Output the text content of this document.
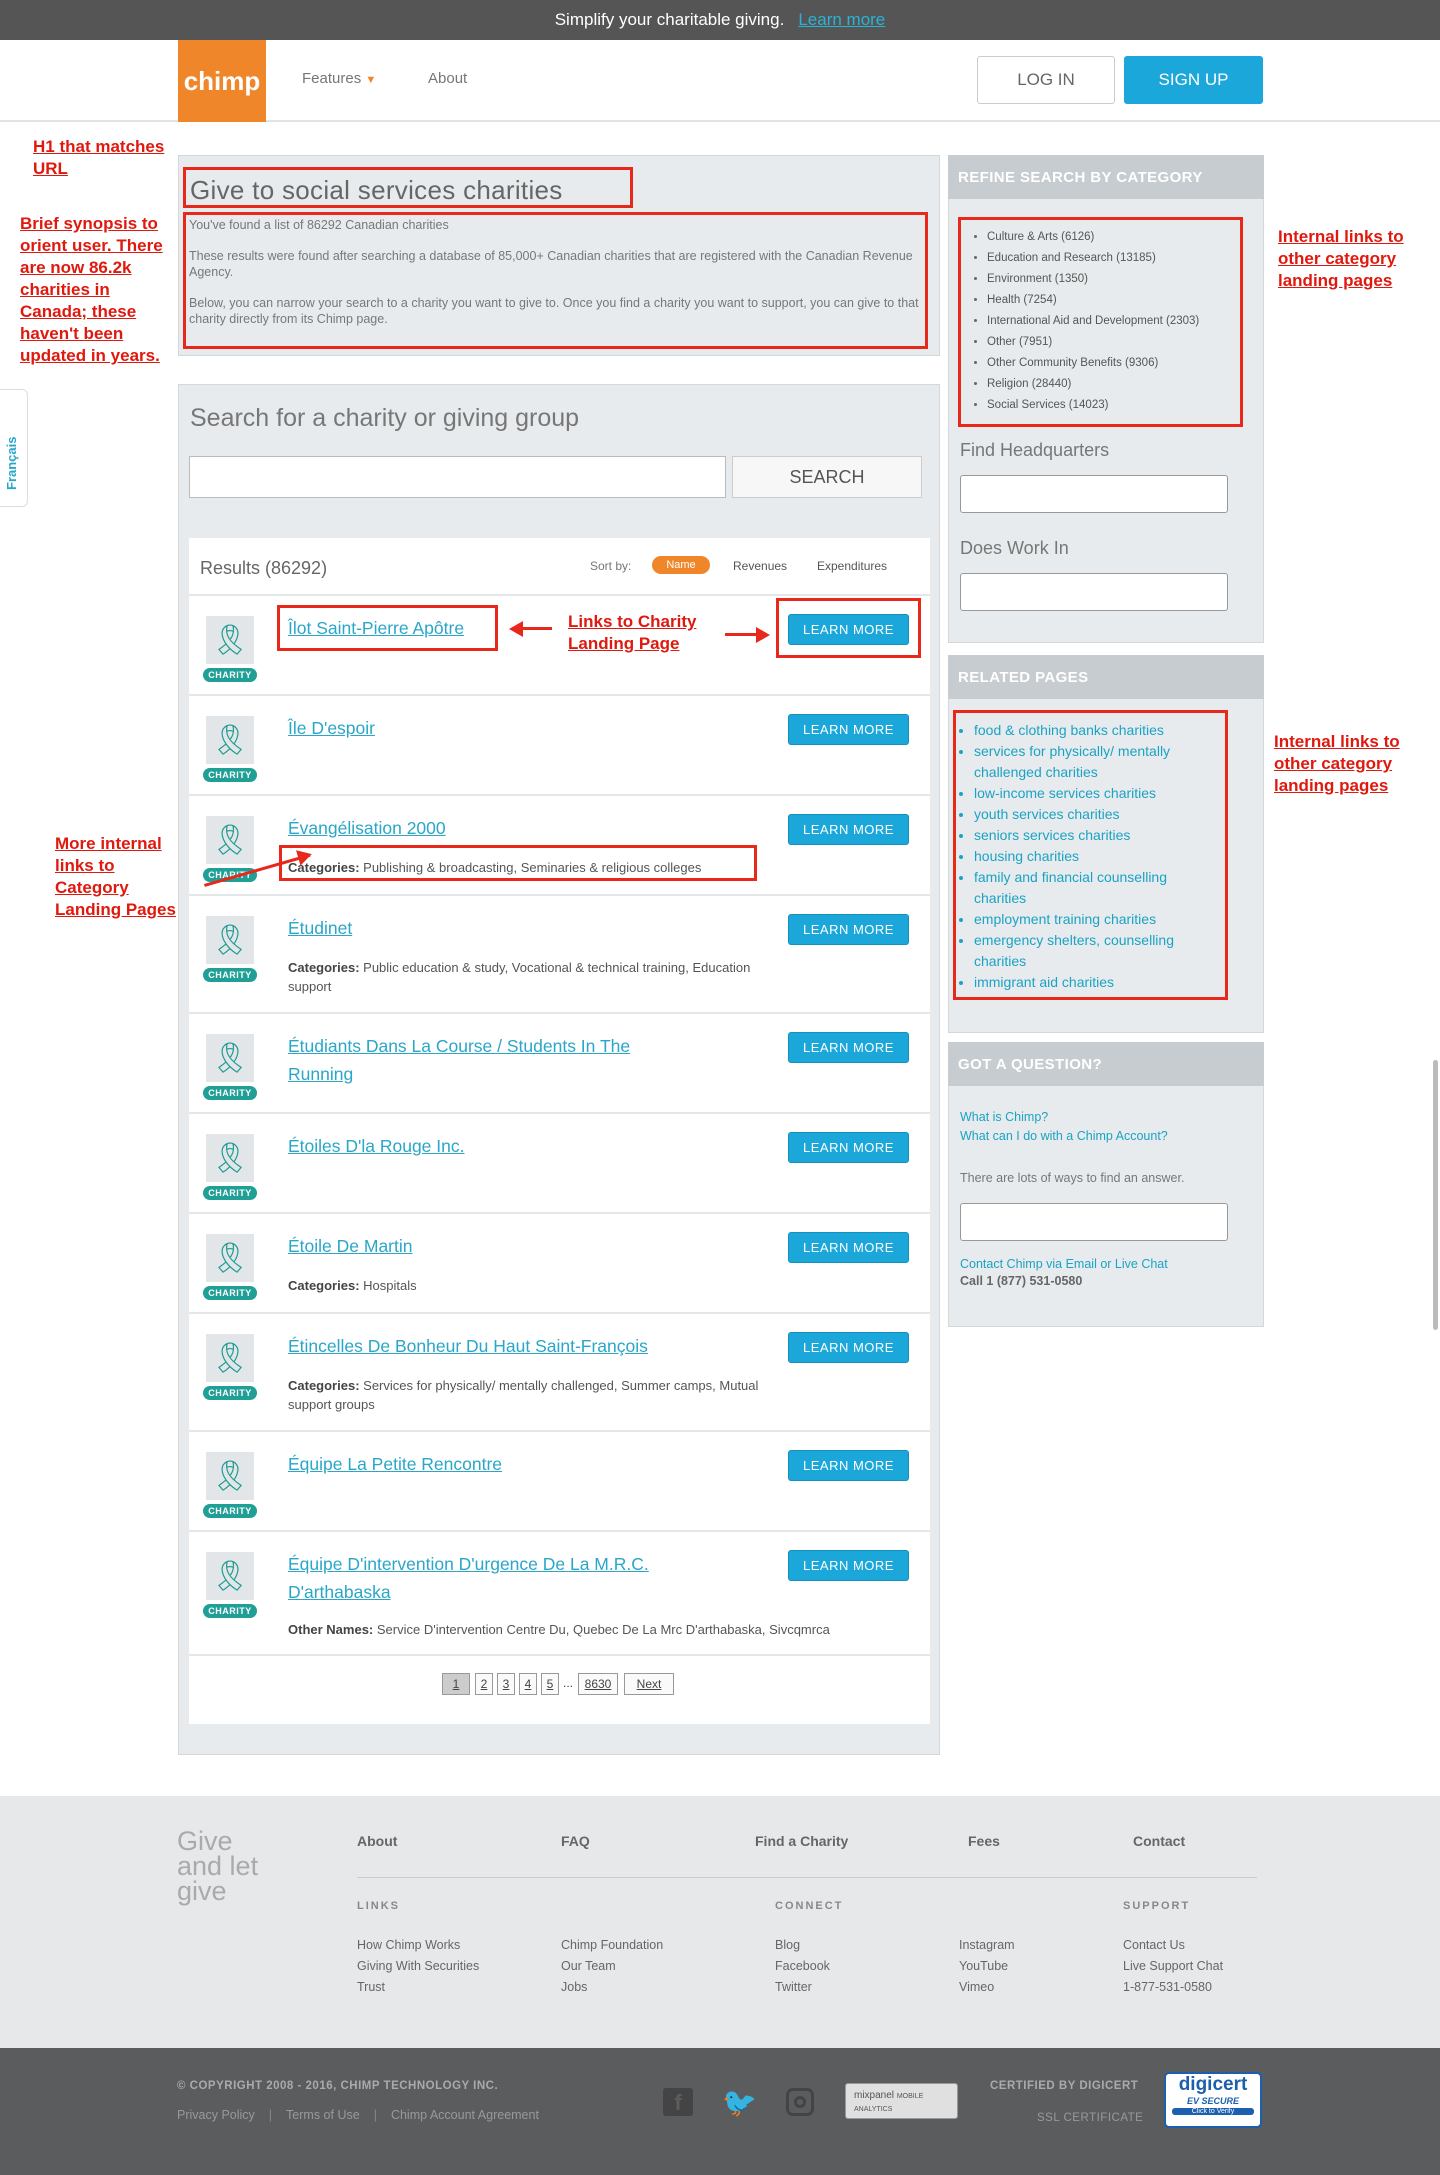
Simplify your charitable giving. Learn more
chimp	Features ▼	About	LOG IN	SIGN UP
Français
H1 that matches URL
Brief synopsis to orient user. There are now 86.2k charities in Canada; these haven't been updated in years.
More internal links to Category Landing Pages
Give to social services charities
You've found a list of 86292 Canadian charities
These results were found after searching a database of 85,000+ Canadian charities that are registered with the Canadian Revenue Agency.
Below, you can narrow your search to a charity you want to give to. Once you find a charity you want to support, you can give to that charity directly from its Chimp page.
Search for a charity or giving group
SEARCH
Results (86292)	Sort by:	Name	Revenues Expenditures
🎗
CHARITY
Îlot Saint-Pierre Apôtre	Links to Charity Landing Page
LEARN MORE
🎗
CHARITY
Île D'espoir	LEARN MORE
🎗
CHARITY
Évangélisation 2000	LEARN MORE
Categories: Publishing & broadcasting, Seminaries & religious colleges
🎗
CHARITY
Étudinet	LEARN MORE
Categories: Public education & study, Vocational & technical training, Education support
🎗
CHARITY
Étudiants Dans La Course / Students In The
Running
LEARN MORE
🎗
CHARITY
Étoiles D'la Rouge Inc.	LEARN MORE
🎗
CHARITY
Étoile De Martin	LEARN MORE
Categories: Hospitals
🎗
CHARITY
Étincelles De Bonheur Du Haut Saint-François	LEARN MORE
Categories: Services for physically/ mentally challenged, Summer camps, Mutual support groups
🎗
CHARITY
Équipe La Petite Rencontre	LEARN MORE
🎗
CHARITY
Équipe D'intervention D'urgence De La M.R.C.
D'arthabaska
LEARN MORE
Other Names: Service D'intervention Centre Du, Quebec De La Mrc D'arthabaska, Sivcqmrca
1	2	3	4	5 ... 8630	Next
REFINE SEARCH BY CATEGORY
• Culture & Arts (6126)
• Education and Research (13185)
• Environment (1350)
• Health (7254)
• International Aid and Development (2303)
• Other (7951)
• Other Community Benefits (9306)
• Religion (28440)
• Social Services (14023)
Find Headquarters
Does Work In
Internal links to other category landing pages
RELATED PAGES
• food & clothing banks charities
• services for physically/ mentally challenged charities
• low-income services charities
• youth services charities
• seniors services charities
• housing charities
• family and financial counselling charities
• employment training charities
• emergency shelters, counselling charities
• immigrant aid charities
Internal links to other category landing pages
GOT A QUESTION?
What is Chimp?
What can I do with a Chimp Account?
There are lots of ways to find an answer.
Contact Chimp via Email or Live Chat
Call 1 (877) 531-0580
Give
and let
give
About	FAQ	Find a Charity	Fees	Contact
LINKS	CONNECT	SUPPORT
How Chimp Works
Giving With Securities
Trust
Chimp Foundation
Our Team
Jobs
Blog
Facebook
Twitter
Instagram
YouTube
Vimeo
Contact Us
Live Support Chat
1-877-531-0580
© COPYRIGHT 2008 - 2016, CHIMP TECHNOLOGY INC.
Privacy Policy | Terms of Use | Chimp Account Agreement	f	🐦	mixpanel MOBILE ANALYTICS
CERTIFIED BY DIGICERT
SSL CERTIFICATE
digicert
EV SECURE
Click to Verify
